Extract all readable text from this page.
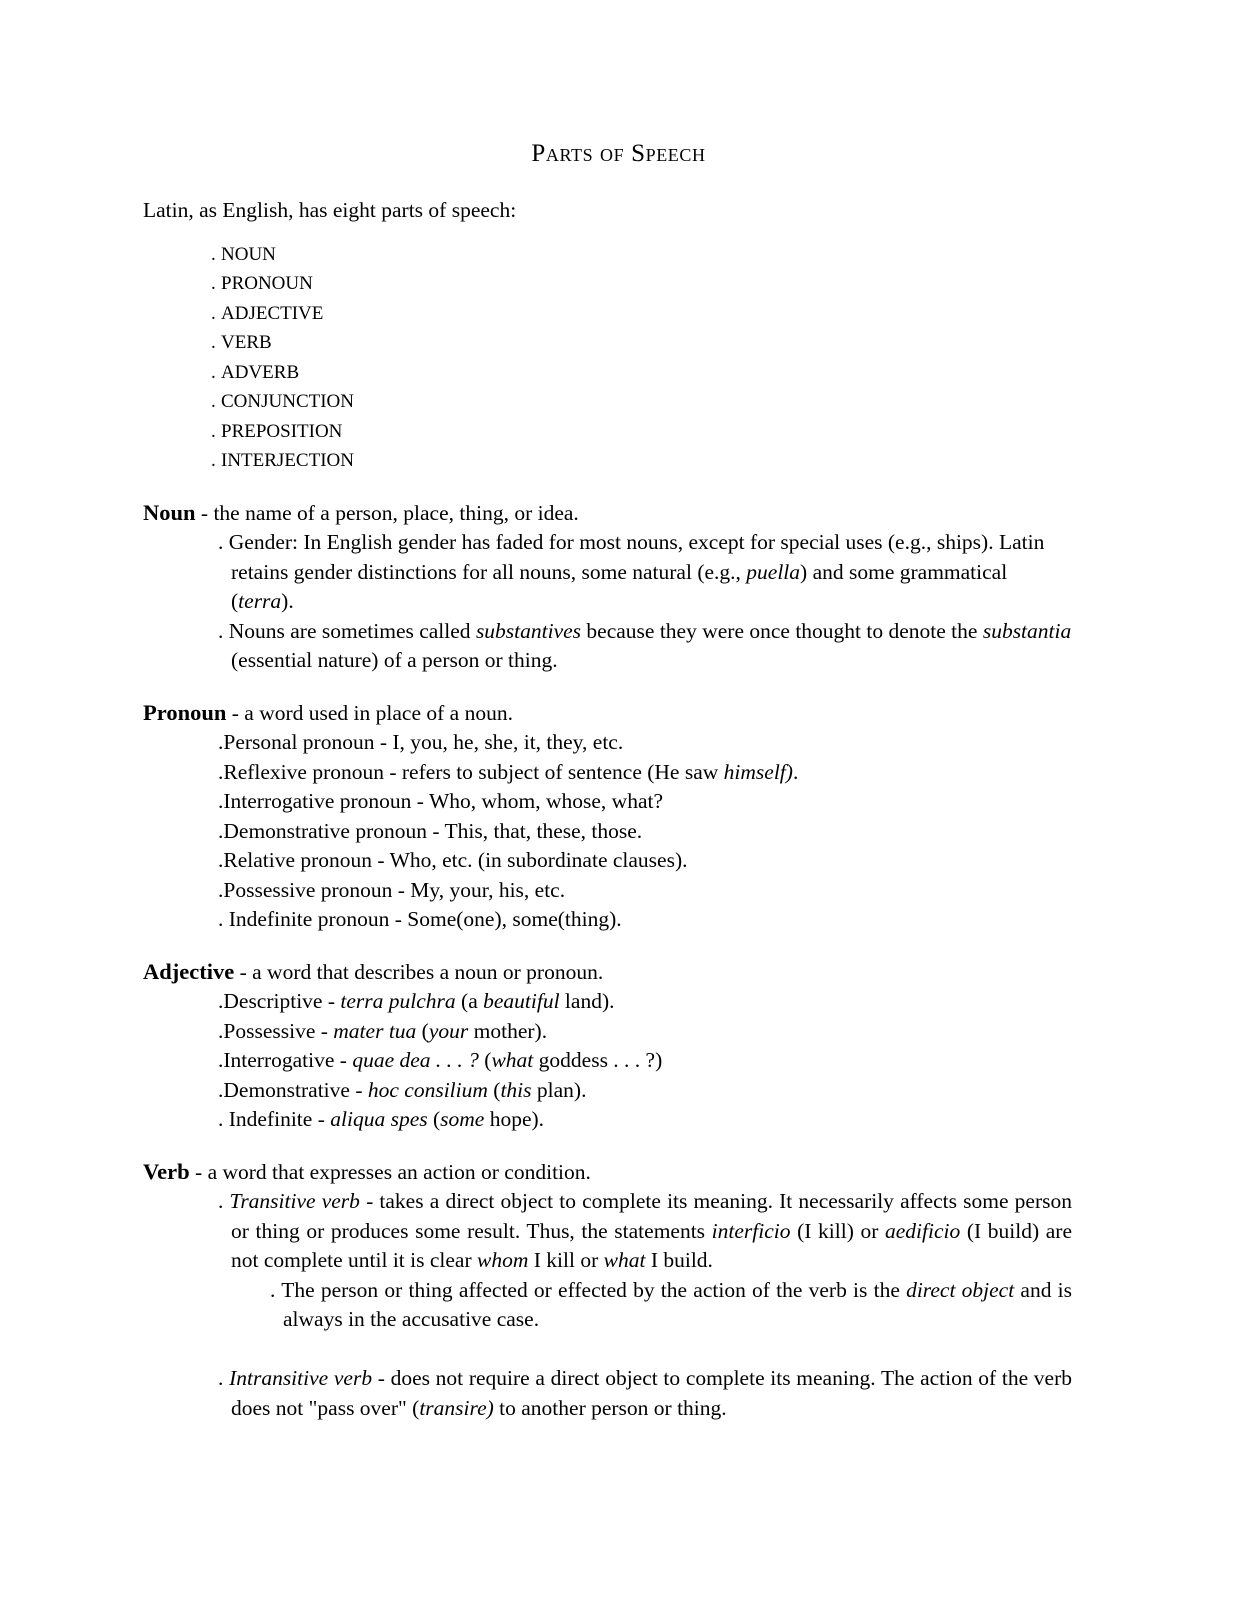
Parts of Speech

Latin, as English, has eight parts of speech:

. NOUN
. PRONOUN
. ADJECTIVE
. VERB
. ADVERB
. CONJUNCTION
. PREPOSITION
. INTERJECTION

Noun - the name of a person, place, thing, or idea.

. Gender: In English gender has faded for most nouns, except for special uses (e.g., ships). Latin retains gender distinctions for all nouns, some natural (e.g., puella) and some grammatical (terra).

. Nouns are sometimes called substantives because they were once thought to denote the substantia (essential nature) of a person or thing.

Pronoun - a word used in place of a noun.

.Personal pronoun - I, you, he, she, it, they, etc.

.Reflexive pronoun - refers to subject of sentence (He saw himself).

.Interrogative pronoun - Who, whom, whose, what?

.Demonstrative pronoun - This, that, these, those.

.Relative pronoun - Who, etc. (in subordinate clauses).

.Possessive pronoun - My, your, his, etc.

. Indefinite pronoun - Some(one), some(thing).

Adjective - a word that describes a noun or pronoun.

.Descriptive - terra pulchra (a beautiful land).

.Possessive - mater tua (your mother).

.Interrogative - quae dea . . . ? (what goddess . . . ?)

.Demonstrative - hoc consilium (this plan).

. Indefinite - aliqua spes (some hope).

Verb - a word that expresses an action or condition.

. Transitive verb - takes a direct object to complete its meaning. It necessarily affects some person or thing or produces some result. Thus, the statements interficio (I kill) or aedificio (I build) are not complete until it is clear whom I kill or what I build.

. The person or thing affected or effected by the action of the verb is the direct object and is always in the accusative case.

. Intransitive verb - does not require a direct object to complete its meaning. The action of the verb does not "pass over" (transire) to another person or thing.
